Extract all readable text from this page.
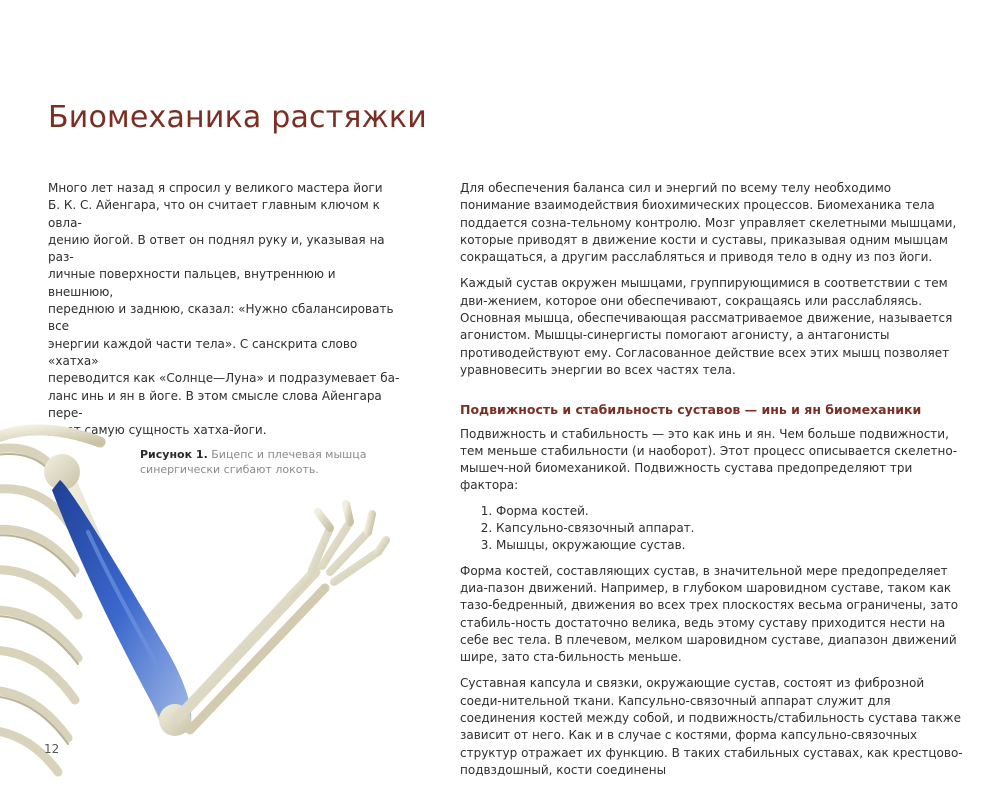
Биомеханика растяжки

Много лет назад я спросил у великого мастера йоги

Б. К. С. Айенгара, что он считает главным ключом к овла-

дению йогой. В ответ он поднял руку и, указывая на раз-

личные поверхности пальцев, внутреннюю и внешнюю,

переднюю и заднюю, сказал: «Нужно сбалансировать все

энергии каждой части тела». С санскрита слово «хатха»

переводится как «Солнце—Луна» и подразумевает ба-

ланс инь и ян в йоге. В этом смысле слова Айенгара пере-

дают самую сущность хатха-йоги.

12
Рисунок 1. Бицепс и плечевая мышца синергически сгибают локоть.

Для обеспечения баланса сил и энергий по всему телу необходимо понимание взаимодействия биохимических процессов. Биомеханика тела поддается созна-тельному контролю. Мозг управляет скелетными мышцами, которые приводят в движение кости и суставы, приказывая одним мышцам сокращаться, а другим расслабляться и приводя тело в одну из поз йоги.

Каждый сустав окружен мышцами, группирующимися в соответствии с тем дви-жением, которое они обеспечивают, сокращаясь или расслабляясь. Основная мышца, обеспечивающая рассматриваемое движение, называется агонистом. Мышцы-синергисты помогают агонисту, а антагонисты противодействуют ему. Согласованное действие всех этих мышц позволяет уравновесить энергии во всех частях тела.

Подвижность и стабильность суставов — инь и ян биомеханики

Подвижность и стабильность — это как инь и ян. Чем больше подвижности, тем меньше стабильности (и наоборот). Этот процесс описывается скелетно-мышеч-ной биомеханикой. Подвижность сустава предопределяют три фактора:

1. Форма костей.
2. Капсульно-связочный аппарат.
3. Мышцы, окружающие сустав.

Форма костей, составляющих сустав, в значительной мере предопределяет диа-пазон движений. Например, в глубоком шаровидном суставе, таком как тазо-бедренный, движения во всех трех плоскостях весьма ограничены, зато стабиль-ность достаточно велика, ведь этому суставу приходится нести на себе вес тела. В плечевом, мелком шаровидном суставе, диапазон движений шире, зато ста-бильность меньше.

Суставная капсула и связки, окружающие сустав, состоят из фиброзной соеди-нительной ткани. Капсульно-связочный аппарат служит для соединения костей между собой, и подвижность/стабильность сустава также зависит от него. Как и в случае с костями, форма капсульно-связочных структур отражает их функцию. В таких стабильных суставах, как крестцово-подвздошный, кости соединены
